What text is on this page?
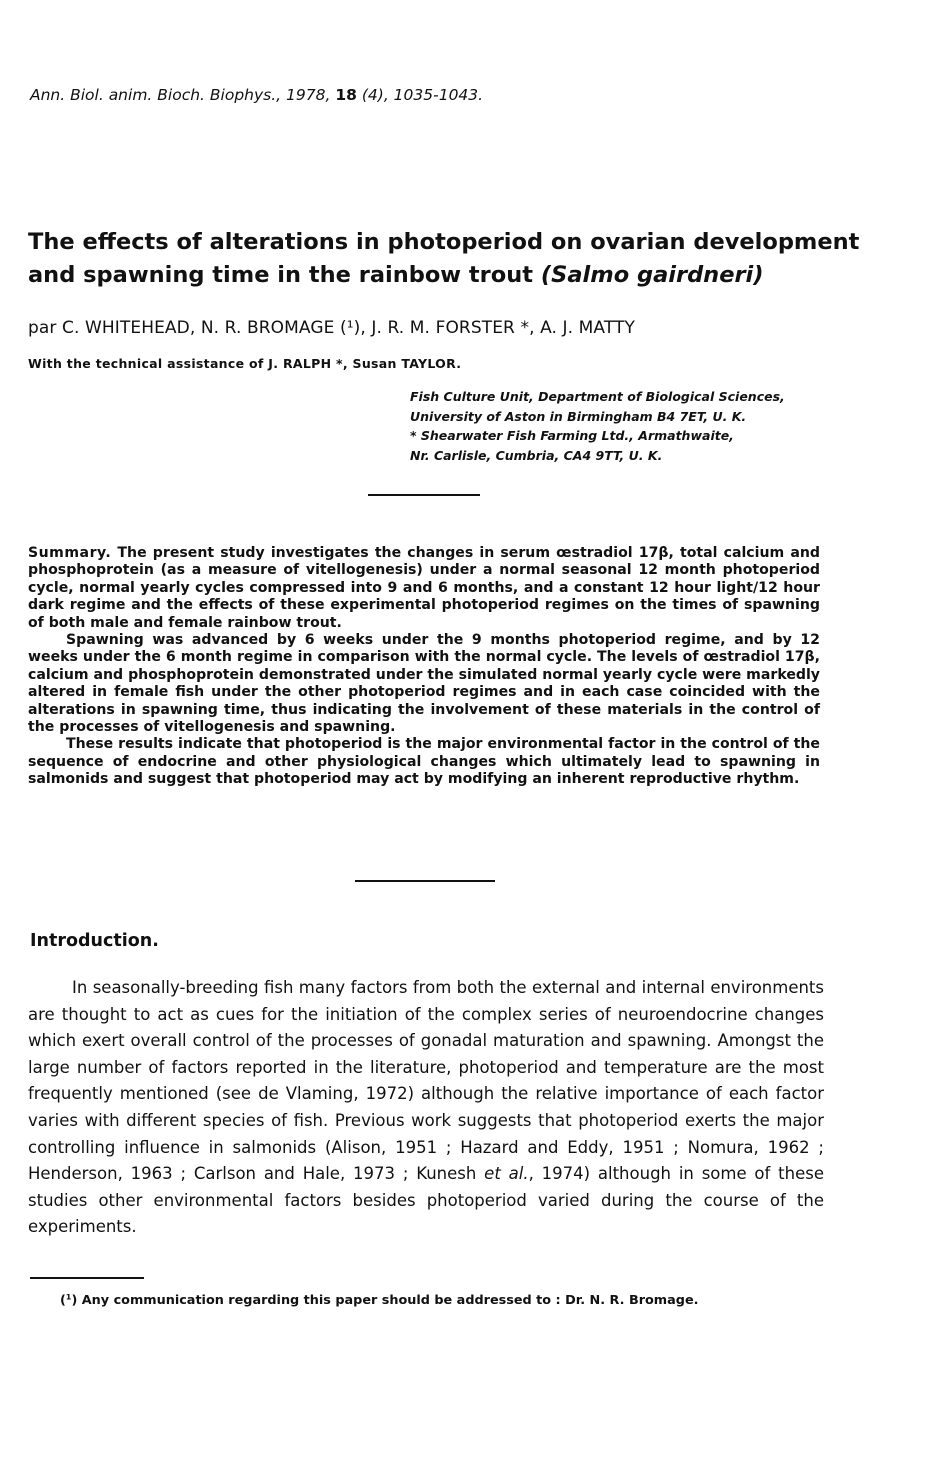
Ann. Biol. anim. Bioch. Biophys., 1978, 18 (4), 1035-1043.
The effects of alterations in photoperiod on ovarian development and spawning time in the rainbow trout (Salmo gairdneri)
par C. WHITEHEAD, N. R. BROMAGE (¹), J. R. M. FORSTER *, A. J. MATTY
With the technical assistance of J. RALPH *, Susan TAYLOR.
Fish Culture Unit, Department of Biological Sciences,
University of Aston in Birmingham B4 7ET, U. K.
* Shearwater Fish Farming Ltd., Armathwaite,
Nr. Carlisle, Cumbria, CA4 9TT, U. K.

Summary. The present study investigates the changes in serum œstradiol 17β, total calcium and phosphoprotein (as a measure of vitellogenesis) under a normal seasonal 12 month photoperiod cycle, normal yearly cycles compressed into 9 and 6 months, and a constant 12 hour light/12 hour dark regime and the effects of these experimental photoperiod regimes on the times of spawning of both male and female rainbow trout.

Spawning was advanced by 6 weeks under the 9 months photoperiod regime, and by 12 weeks under the 6 month regime in comparison with the normal cycle. The levels of œstradiol 17β, calcium and phosphoprotein demonstrated under the simulated normal yearly cycle were markedly altered in female fish under the other photoperiod regimes and in each case coincided with the alterations in spawning time, thus indicating the involvement of these materials in the control of the processes of vitellogenesis and spawning.

These results indicate that photoperiod is the major environmental factor in the control of the sequence of endocrine and other physiological changes which ultimately lead to spawning in salmonids and suggest that photoperiod may act by modifying an inherent reproductive rhythm.

Introduction.

In seasonally-breeding fish many factors from both the external and internal environments are thought to act as cues for the initiation of the complex series of neuroendocrine changes which exert overall control of the processes of gonadal maturation and spawning. Amongst the large number of factors reported in the literature, photoperiod and temperature are the most frequently mentioned (see de Vlaming, 1972) although the relative importance of each factor varies with different species of fish. Previous work suggests that photoperiod exerts the major controlling influence in salmonids (Alison, 1951 ; Hazard and Eddy, 1951 ; Nomura, 1962 ; Henderson, 1963 ; Carlson and Hale, 1973 ; Kunesh et al., 1974) although in some of these studies other environmental factors besides photoperiod varied during the course of the experiments.

(¹) Any communication regarding this paper should be addressed to : Dr. N. R. Bromage.
